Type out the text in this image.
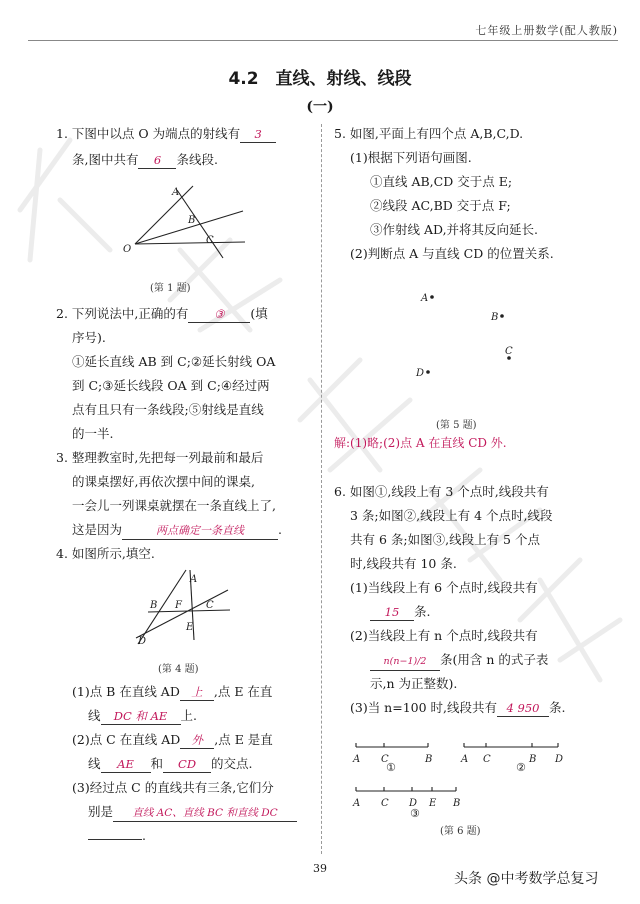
七年级上册数学(配人教版)
4.2　直线、射线、线段
(一)
1. 下图中以点 O 为端点的射线有 3
条,图中共有 6 条线段.
A
B
C
O
(第 1 题)
2. 下列说法中,正确的有 ③ (填
序号).
①延长直线 AB 到 C;②延长射线 OA
到 C;③延长线段 OA 到 C;④经过两
点有且只有一条线段;⑤射线是直线
的一半.
3. 整理教室时,先把每一列最前和最后
的课桌摆好,再依次摆中间的课桌,
一会儿一列课桌就摆在一条直线上了,
这是因为	两点确定一条直线	.
4. 如图所示,填空.
A
B F C
E
D
(第 4 题)
(1)点 B 在直线 AD 上 ,点 E 在直
线 DC 和 AE 上.
(2)点 C 在直线 AD 外 ,点 E 是直
线 AE 和 CD 的交点.
(3)经过点 C 的直线共有三条,它们分
别是 直线 AC、直线 BC 和直线 DC
.
5. 如图,平面上有四个点 A,B,C,D.
(1)根据下列语句画图.
①直线 AB,CD 交于点 E;
②线段 AC,BD 交于点 F;
③作射线 AD,并将其反向延长.
(2)判断点 A 与直线 CD 的位置关系.
A
B
C
D
(第 5 题)
解:(1)略;(2)点 A 在直线 CD 外.
6. 如图①,线段上有 3 个点时,线段共有
3 条;如图②,线段上有 4 个点时,线段
共有 6 条;如图③,线段上有 5 个点
时,线段共有 10 条.
(1)当线段上有 6 个点时,线段共有
15 条.
(2)当线段上有 n 个点时,线段共有
n(n−1)/2 条(用含 n 的式子表
示,n 为正整数).
(3)当 n=100 时,线段共有 4 950 条.
A C	B	A C	B D
A C D E B
①	②
③
(第 6 题)
39
头条 @中考数学总复习
